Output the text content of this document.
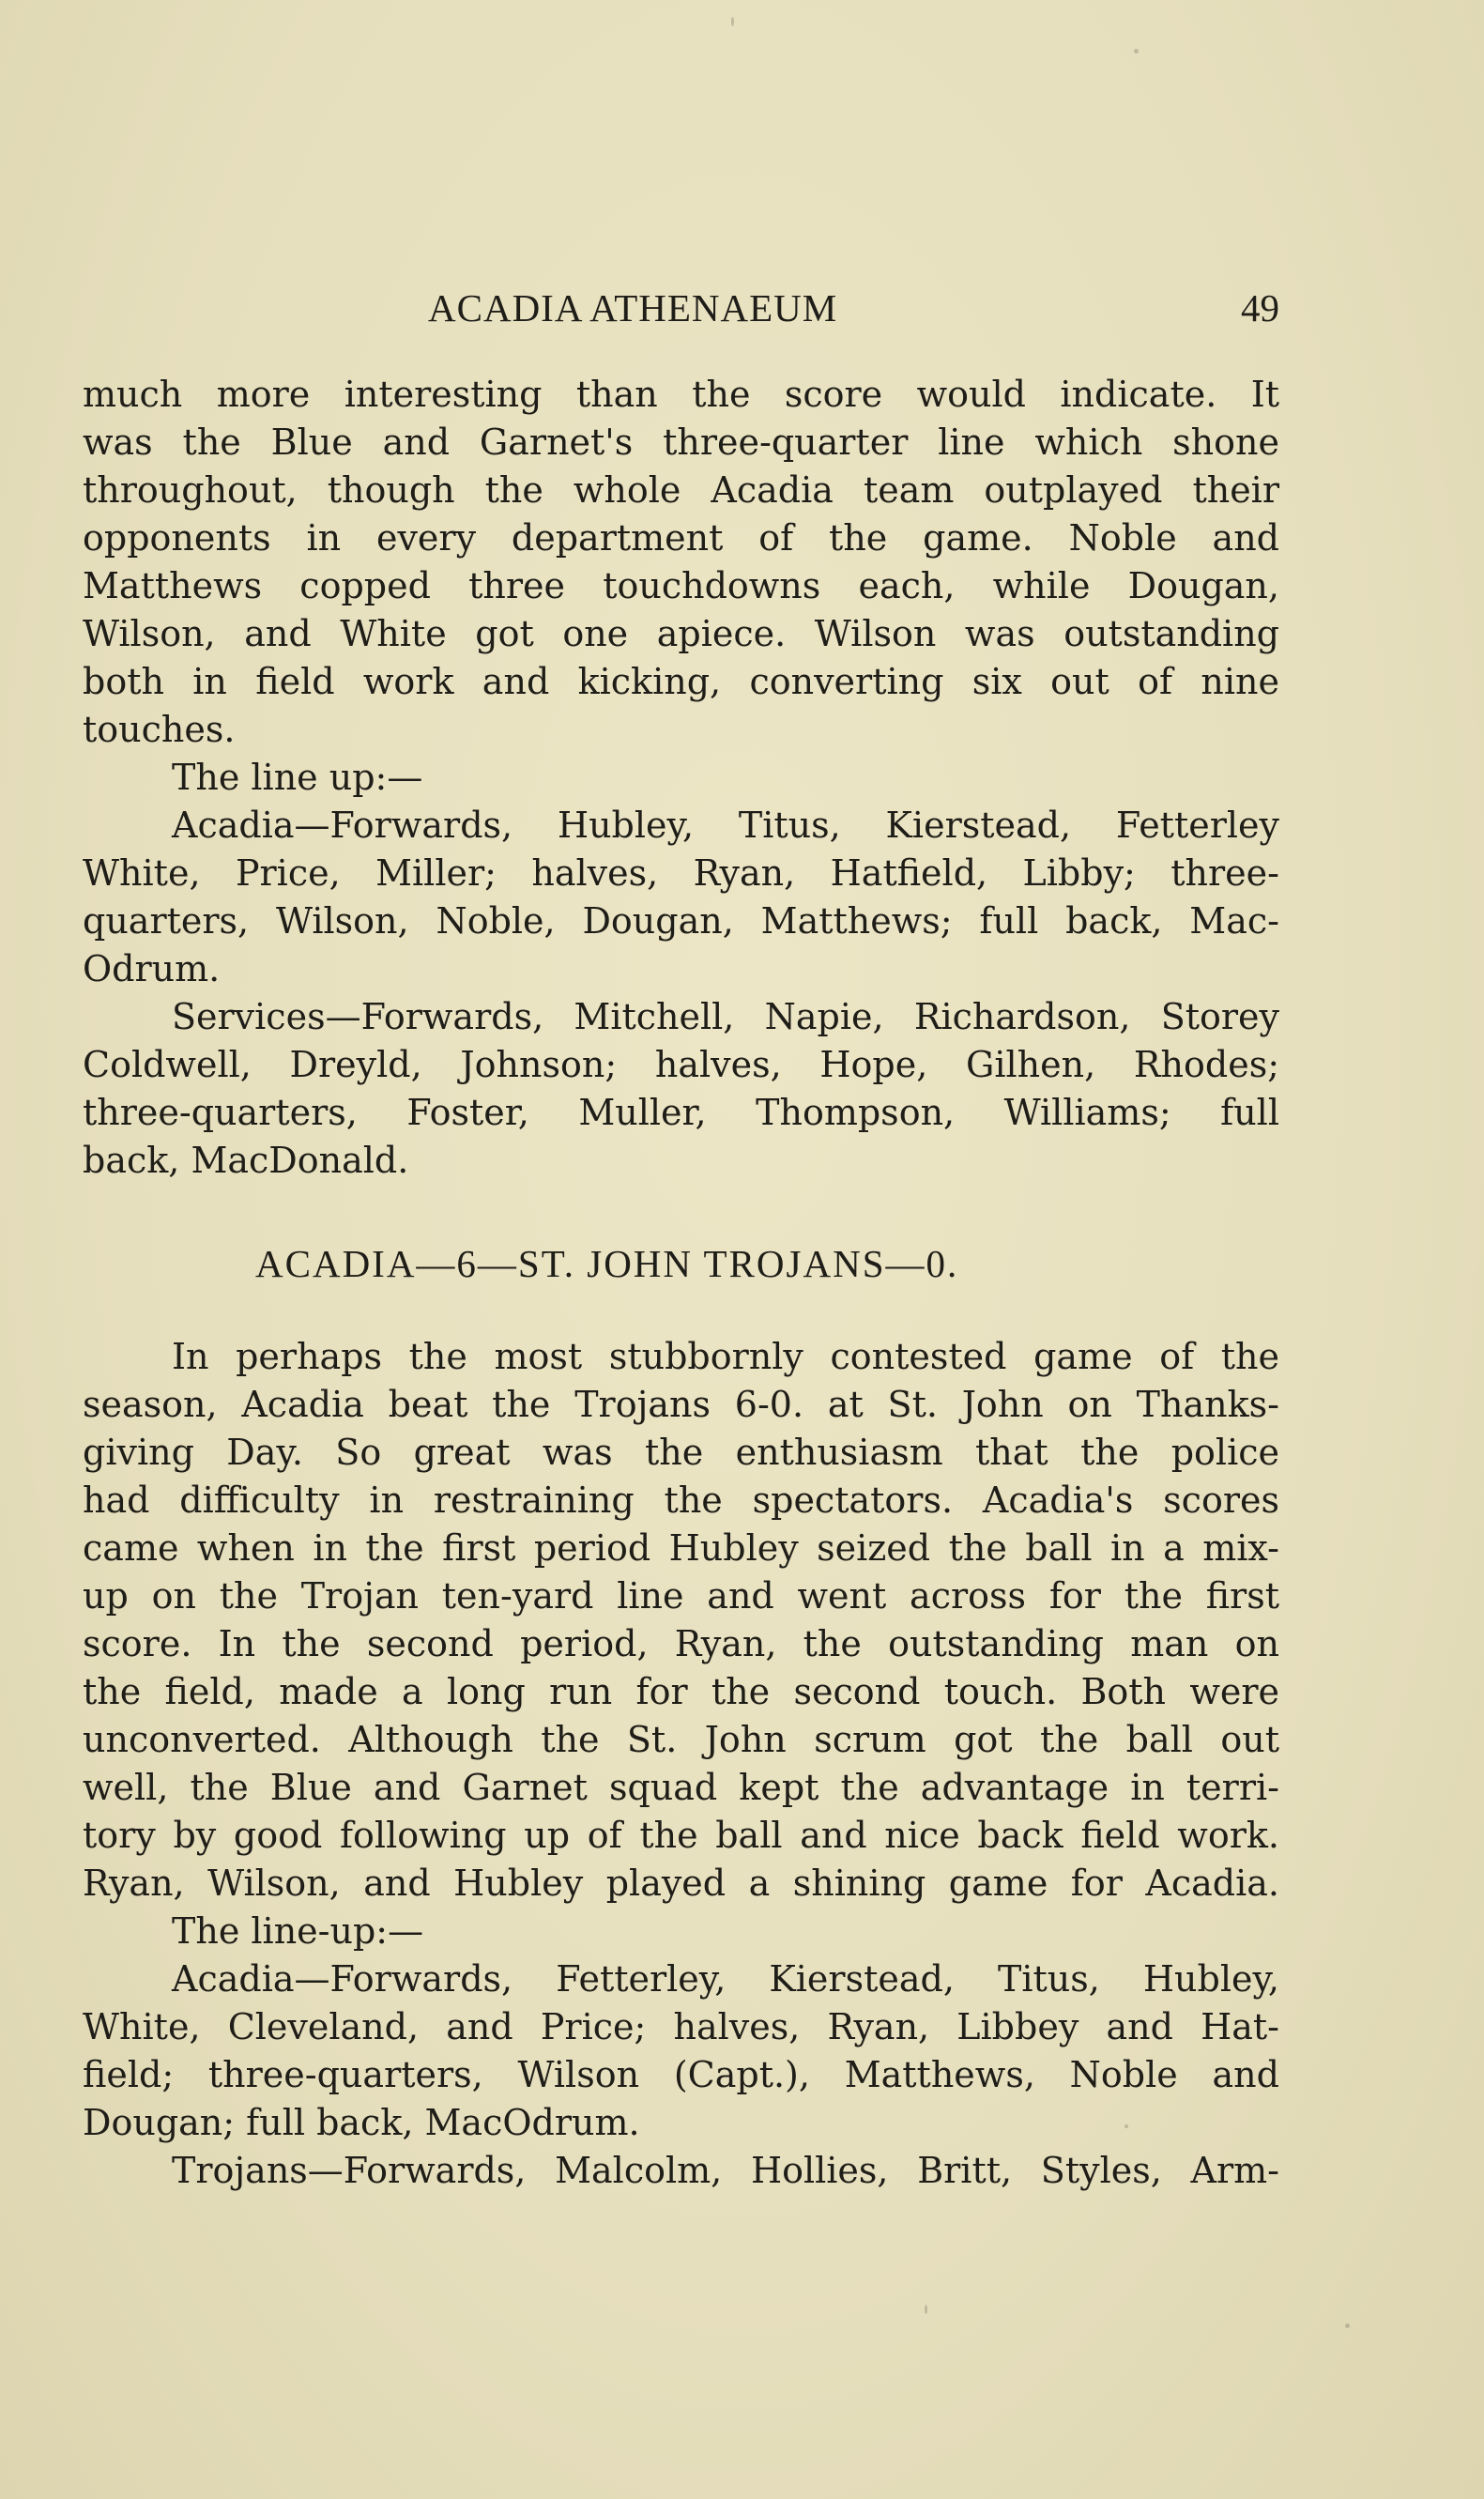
ACADIA ATHENAEUM	49
much more interesting than the score would indicate. It
was the Blue and Garnet's three-quarter line which shone
throughout, though the whole Acadia team outplayed their
opponents in every department of the game. Noble and
Matthews copped three touchdowns each, while Dougan,
Wilson, and White got one apiece. Wilson was outstanding
both in field work and kicking, converting six out of nine
touches.
The line up:—
Acadia—Forwards, Hubley, Titus, Kierstead, Fetterley
White, Price, Miller; halves, Ryan, Hatfield, Libby; three-
quarters, Wilson, Noble, Dougan, Matthews; full back, Mac-
Odrum.
Services—Forwards, Mitchell, Napie, Richardson, Storey
Coldwell, Dreyld, Johnson; halves, Hope, Gilhen, Rhodes;
three-quarters, Foster, Muller, Thompson, Williams; full
back, MacDonald.
ACADIA—6—ST. JOHN TROJANS—0.
In perhaps the most stubbornly contested game of the
season, Acadia beat the Trojans 6-0. at St. John on Thanks-
giving Day. So great was the enthusiasm that the police
had difficulty in restraining the spectators. Acadia's scores
came when in the first period Hubley seized the ball in a mix-
up on the Trojan ten-yard line and went across for the first
score. In the second period, Ryan, the outstanding man on
the field, made a long run for the second touch. Both were
unconverted. Although the St. John scrum got the ball out
well, the Blue and Garnet squad kept the advantage in terri-
tory by good following up of the ball and nice back field work.
Ryan, Wilson, and Hubley played a shining game for Acadia.
The line-up:—
Acadia—Forwards, Fetterley, Kierstead, Titus, Hubley,
White, Cleveland, and Price; halves, Ryan, Libbey and Hat-
field; three-quarters, Wilson (Capt.), Matthews, Noble and
Dougan; full back, MacOdrum.
Trojans—Forwards, Malcolm, Hollies, Britt, Styles, Arm-
